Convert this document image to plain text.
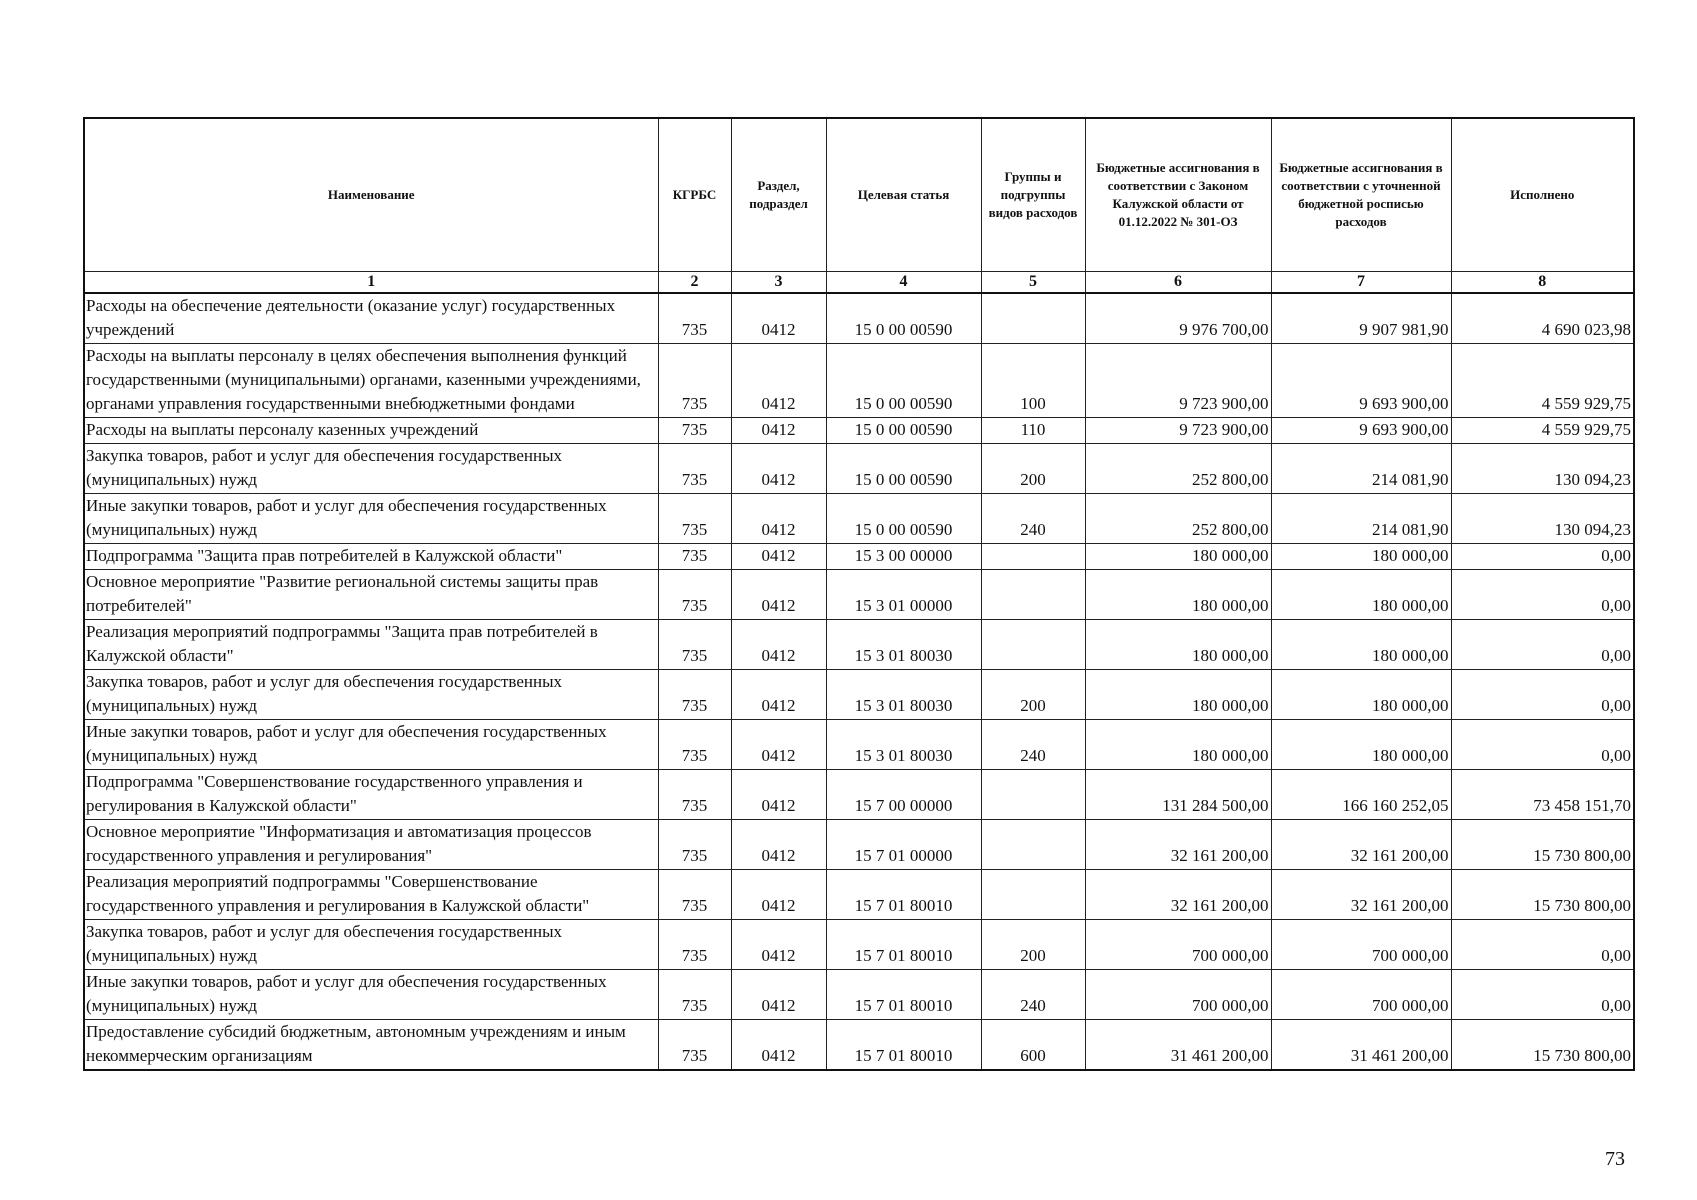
Наименование	КГРБС	Раздел, подраздел	Целевая статья	Группы и подгруппы видов расходов	Бюджетные ассигнования в соответствии с Законом Калужской области от 01.12.2022 № 301-ОЗ	Бюджетные ассигнования в соответствии с уточненной бюджетной росписью расходов	Исполнено
1	2	3	4	5	6	7	8
Расходы на обеспечение деятельности (оказание услуг) государственных учреждений	735	0412	15 0 00 00590		9 976 700,00	9 907 981,90	4 690 023,98
Расходы на выплаты персоналу в целях обеспечения выполнения функций государственными (муниципальными) органами, казенными учреждениями, органами управления государственными внебюджетными фондами	735	0412	15 0 00 00590	100	9 723 900,00	9 693 900,00	4 559 929,75
Расходы на выплаты персоналу казенных учреждений	735	0412	15 0 00 00590	110	9 723 900,00	9 693 900,00	4 559 929,75
Закупка товаров, работ и услуг для обеспечения государственных (муниципальных) нужд	735	0412	15 0 00 00590	200	252 800,00	214 081,90	130 094,23
Иные закупки товаров, работ и услуг для обеспечения государственных (муниципальных) нужд	735	0412	15 0 00 00590	240	252 800,00	214 081,90	130 094,23
Подпрограмма "Защита прав потребителей в Калужской области"	735	0412	15 3 00 00000		180 000,00	180 000,00	0,00
Основное мероприятие "Развитие региональной системы защиты прав потребителей"	735	0412	15 3 01 00000		180 000,00	180 000,00	0,00
Реализация мероприятий подпрограммы "Защита прав потребителей в Калужской области"	735	0412	15 3 01 80030		180 000,00	180 000,00	0,00
Закупка товаров, работ и услуг для обеспечения государственных (муниципальных) нужд	735	0412	15 3 01 80030	200	180 000,00	180 000,00	0,00
Иные закупки товаров, работ и услуг для обеспечения государственных (муниципальных) нужд	735	0412	15 3 01 80030	240	180 000,00	180 000,00	0,00
Подпрограмма "Совершенствование государственного управления и регулирования в Калужской области"	735	0412	15 7 00 00000		131 284 500,00	166 160 252,05	73 458 151,70
Основное мероприятие "Информатизация и автоматизация процессов государственного управления и регулирования"	735	0412	15 7 01 00000		32 161 200,00	32 161 200,00	15 730 800,00
Реализация мероприятий подпрограммы "Совершенствование государственного управления и регулирования в Калужской области"	735	0412	15 7 01 80010		32 161 200,00	32 161 200,00	15 730 800,00
Закупка товаров, работ и услуг для обеспечения государственных (муниципальных) нужд	735	0412	15 7 01 80010	200	700 000,00	700 000,00	0,00
Иные закупки товаров, работ и услуг для обеспечения государственных (муниципальных) нужд	735	0412	15 7 01 80010	240	700 000,00	700 000,00	0,00
Предоставление субсидий бюджетным, автономным учреждениям и иным некоммерческим организациям	735	0412	15 7 01 80010	600	31 461 200,00	31 461 200,00	15 730 800,00
73
